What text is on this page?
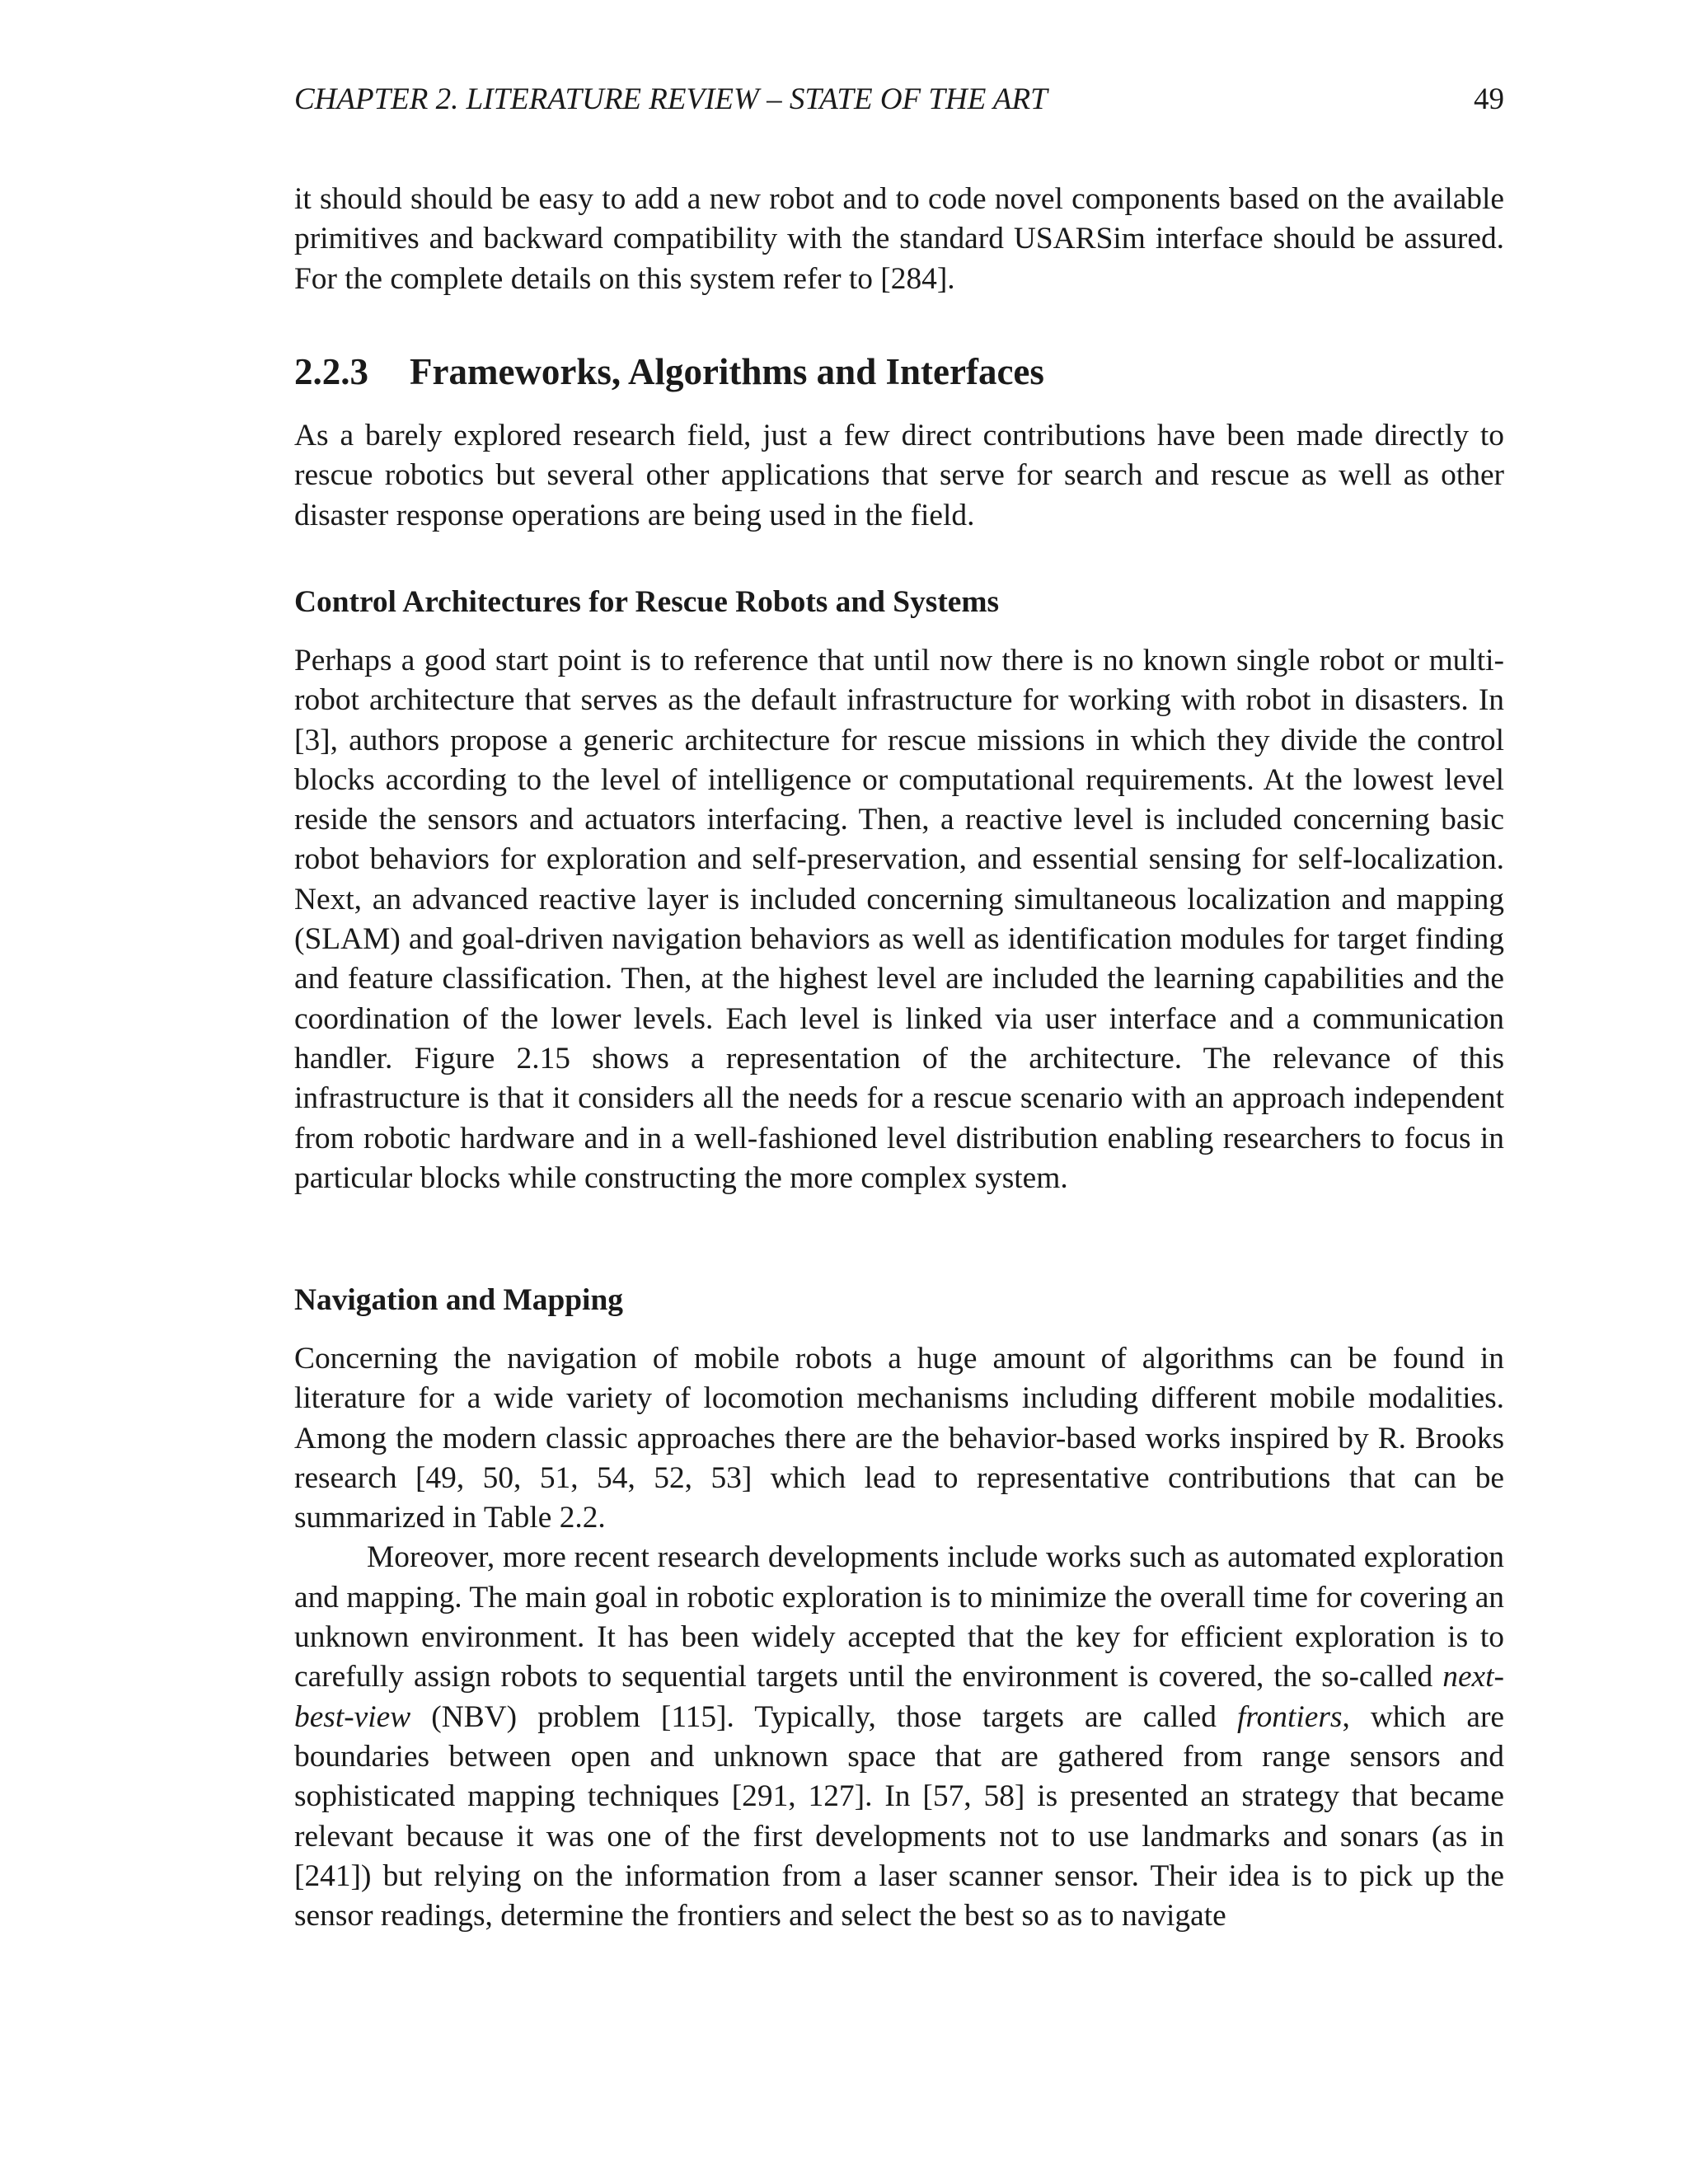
CHAPTER 2. LITERATURE REVIEW – STATE OF THE ART	49

it should should be easy to add a new robot and to code novel components based on the available primitives and backward compatibility with the standard USARSim interface should be assured. For the complete details on this system refer to [284].

2.2.3 Frameworks, Algorithms and Interfaces

As a barely explored research field, just a few direct contributions have been made directly to rescue robotics but several other applications that serve for search and rescue as well as other disaster response operations are being used in the field.

Control Architectures for Rescue Robots and Systems

Perhaps a good start point is to reference that until now there is no known single robot or multi-robot architecture that serves as the default infrastructure for working with robot in disasters. In [3], authors propose a generic architecture for rescue missions in which they divide the control blocks according to the level of intelligence or computational requirements. At the lowest level reside the sensors and actuators interfacing. Then, a reactive level is included concerning basic robot behaviors for exploration and self-preservation, and essential sensing for self-localization. Next, an advanced reactive layer is included concerning simultaneous localization and mapping (SLAM) and goal-driven navigation behaviors as well as identification modules for target finding and feature classification. Then, at the highest level are included the learning capabilities and the coordination of the lower levels. Each level is linked via user interface and a communication handler. Figure 2.15 shows a representation of the architecture. The relevance of this infrastructure is that it considers all the needs for a rescue scenario with an approach independent from robotic hardware and in a well-fashioned level distribution enabling researchers to focus in particular blocks while constructing the more complex system.

Navigation and Mapping

Concerning the navigation of mobile robots a huge amount of algorithms can be found in literature for a wide variety of locomotion mechanisms including different mobile modalities. Among the modern classic approaches there are the behavior-based works inspired by R. Brooks research [49, 50, 51, 54, 52, 53] which lead to representative contributions that can be summarized in Table 2.2.

Moreover, more recent research developments include works such as automated exploration and mapping. The main goal in robotic exploration is to minimize the overall time for covering an unknown environment. It has been widely accepted that the key for efficient exploration is to carefully assign robots to sequential targets until the environment is covered, the so-called next-best-view (NBV) problem [115]. Typically, those targets are called frontiers, which are boundaries between open and unknown space that are gathered from range sensors and sophisticated mapping techniques [291, 127]. In [57, 58] is presented an strategy that became relevant because it was one of the first developments not to use landmarks and sonars (as in [241]) but relying on the information from a laser scanner sensor. Their idea is to pick up the sensor readings, determine the frontiers and select the best so as to navigate
